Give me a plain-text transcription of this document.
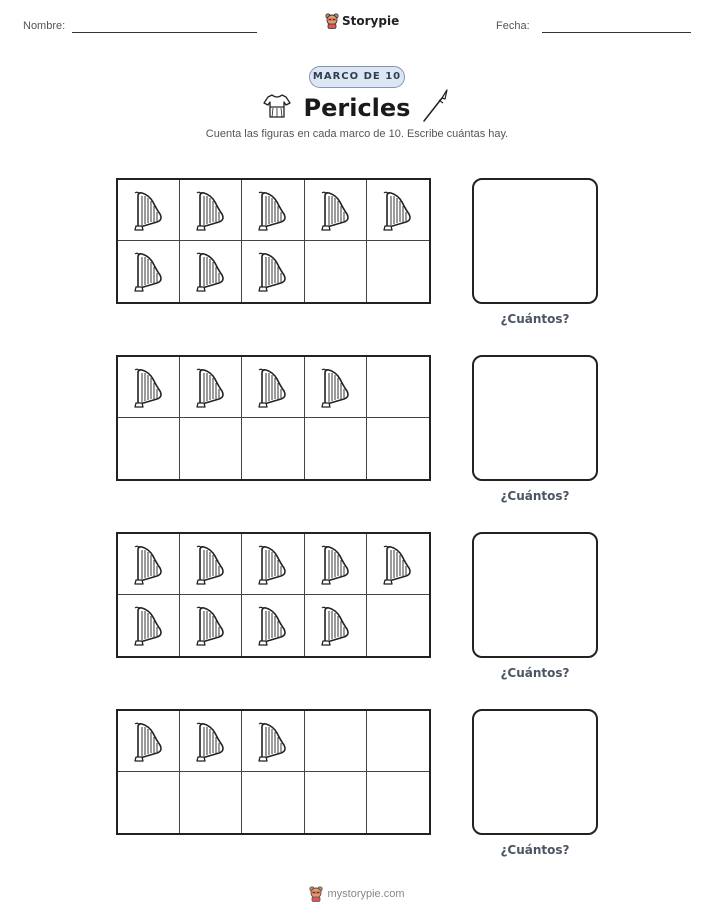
Nombre:	Storypie	Fecha:
MARCO DE 10
Pericles
Cuenta las figuras en cada marco de 10. Escribe cuántas hay.
¿Cuántos?
¿Cuántos?
¿Cuántos?
¿Cuántos?
mystorypie.com
